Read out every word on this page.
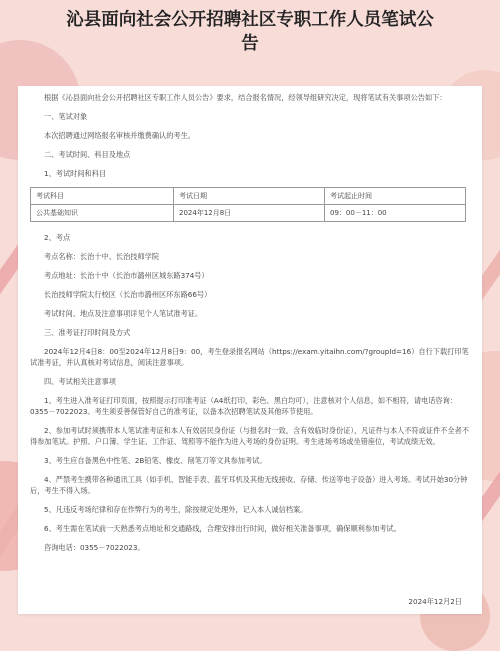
沁县面向社会公开招聘社区专职工作人员笔试公
告

根据《沁县面向社会公开招聘社区专职工作人员公告》要求，结合报名情况，经领导组研究决定，现将笔试有关事项公告如下：

一、笔试对象

本次招聘通过网络报名审核并缴费确认的考生。

二、考试时间、科目及地点

1、考试时间和科目

考试科目	考试日期	考试起止时间
公共基础知识	2024年12月8日	09：00－11：00

2、考点

考点名称：长治十中、长治技师学院

考点地址：长治十中（长治市潞州区城东路374号）

长治技师学院太行校区（长治市潞州区环东路66号）

考试时间、地点及注意事项详见个人笔试准考证。

三、准考证打印时间及方式

2024年12月4日8：00至2024年12月8日9：00，考生登录报名网站（https://exam.yitaihn.com/?groupId=16）自行下载打印笔试准考证，并认真核对考试信息，阅读注意事项。

四、考试相关注意事项

1、考生进入准考证打印页面，按照提示打印准考证（A4纸打印，彩色、黑白均可），注意核对个人信息，如不相符，请电话咨询：0355－7022023。考生须妥善保管好自己的准考证，以备本次招聘笔试及其他环节使用。

2、参加考试时须携带本人笔试准考证和本人有效居民身份证（与报名时一致，含有效临时身份证），凡证件与本人不符或证件不全者不得参加笔试。护照、户口簿、学生证、工作证、驾照等不能作为进入考场的身份证明。考生进场考场或坐错座位，考试成绩无效。

3、考生应自备黑色中性笔、2B铅笔、橡皮、削笔刀等文具参加考试。

4、严禁考生携带各种通讯工具（如手机、智能手表、蓝牙耳机及其他无线接收、存储、传送等电子设备）进入考场。考试开始30分钟后，考生不得入场。

5、凡违反考场纪律和存在作弊行为的考生，除按规定处理外，记入本人诚信档案。

6、考生需在笔试前一天熟悉考点地址和交通路线，合理安排出行时间，做好相关准备事项，确保顺利参加考试。

咨询电话：0355－7022023。

2024年12月2日
